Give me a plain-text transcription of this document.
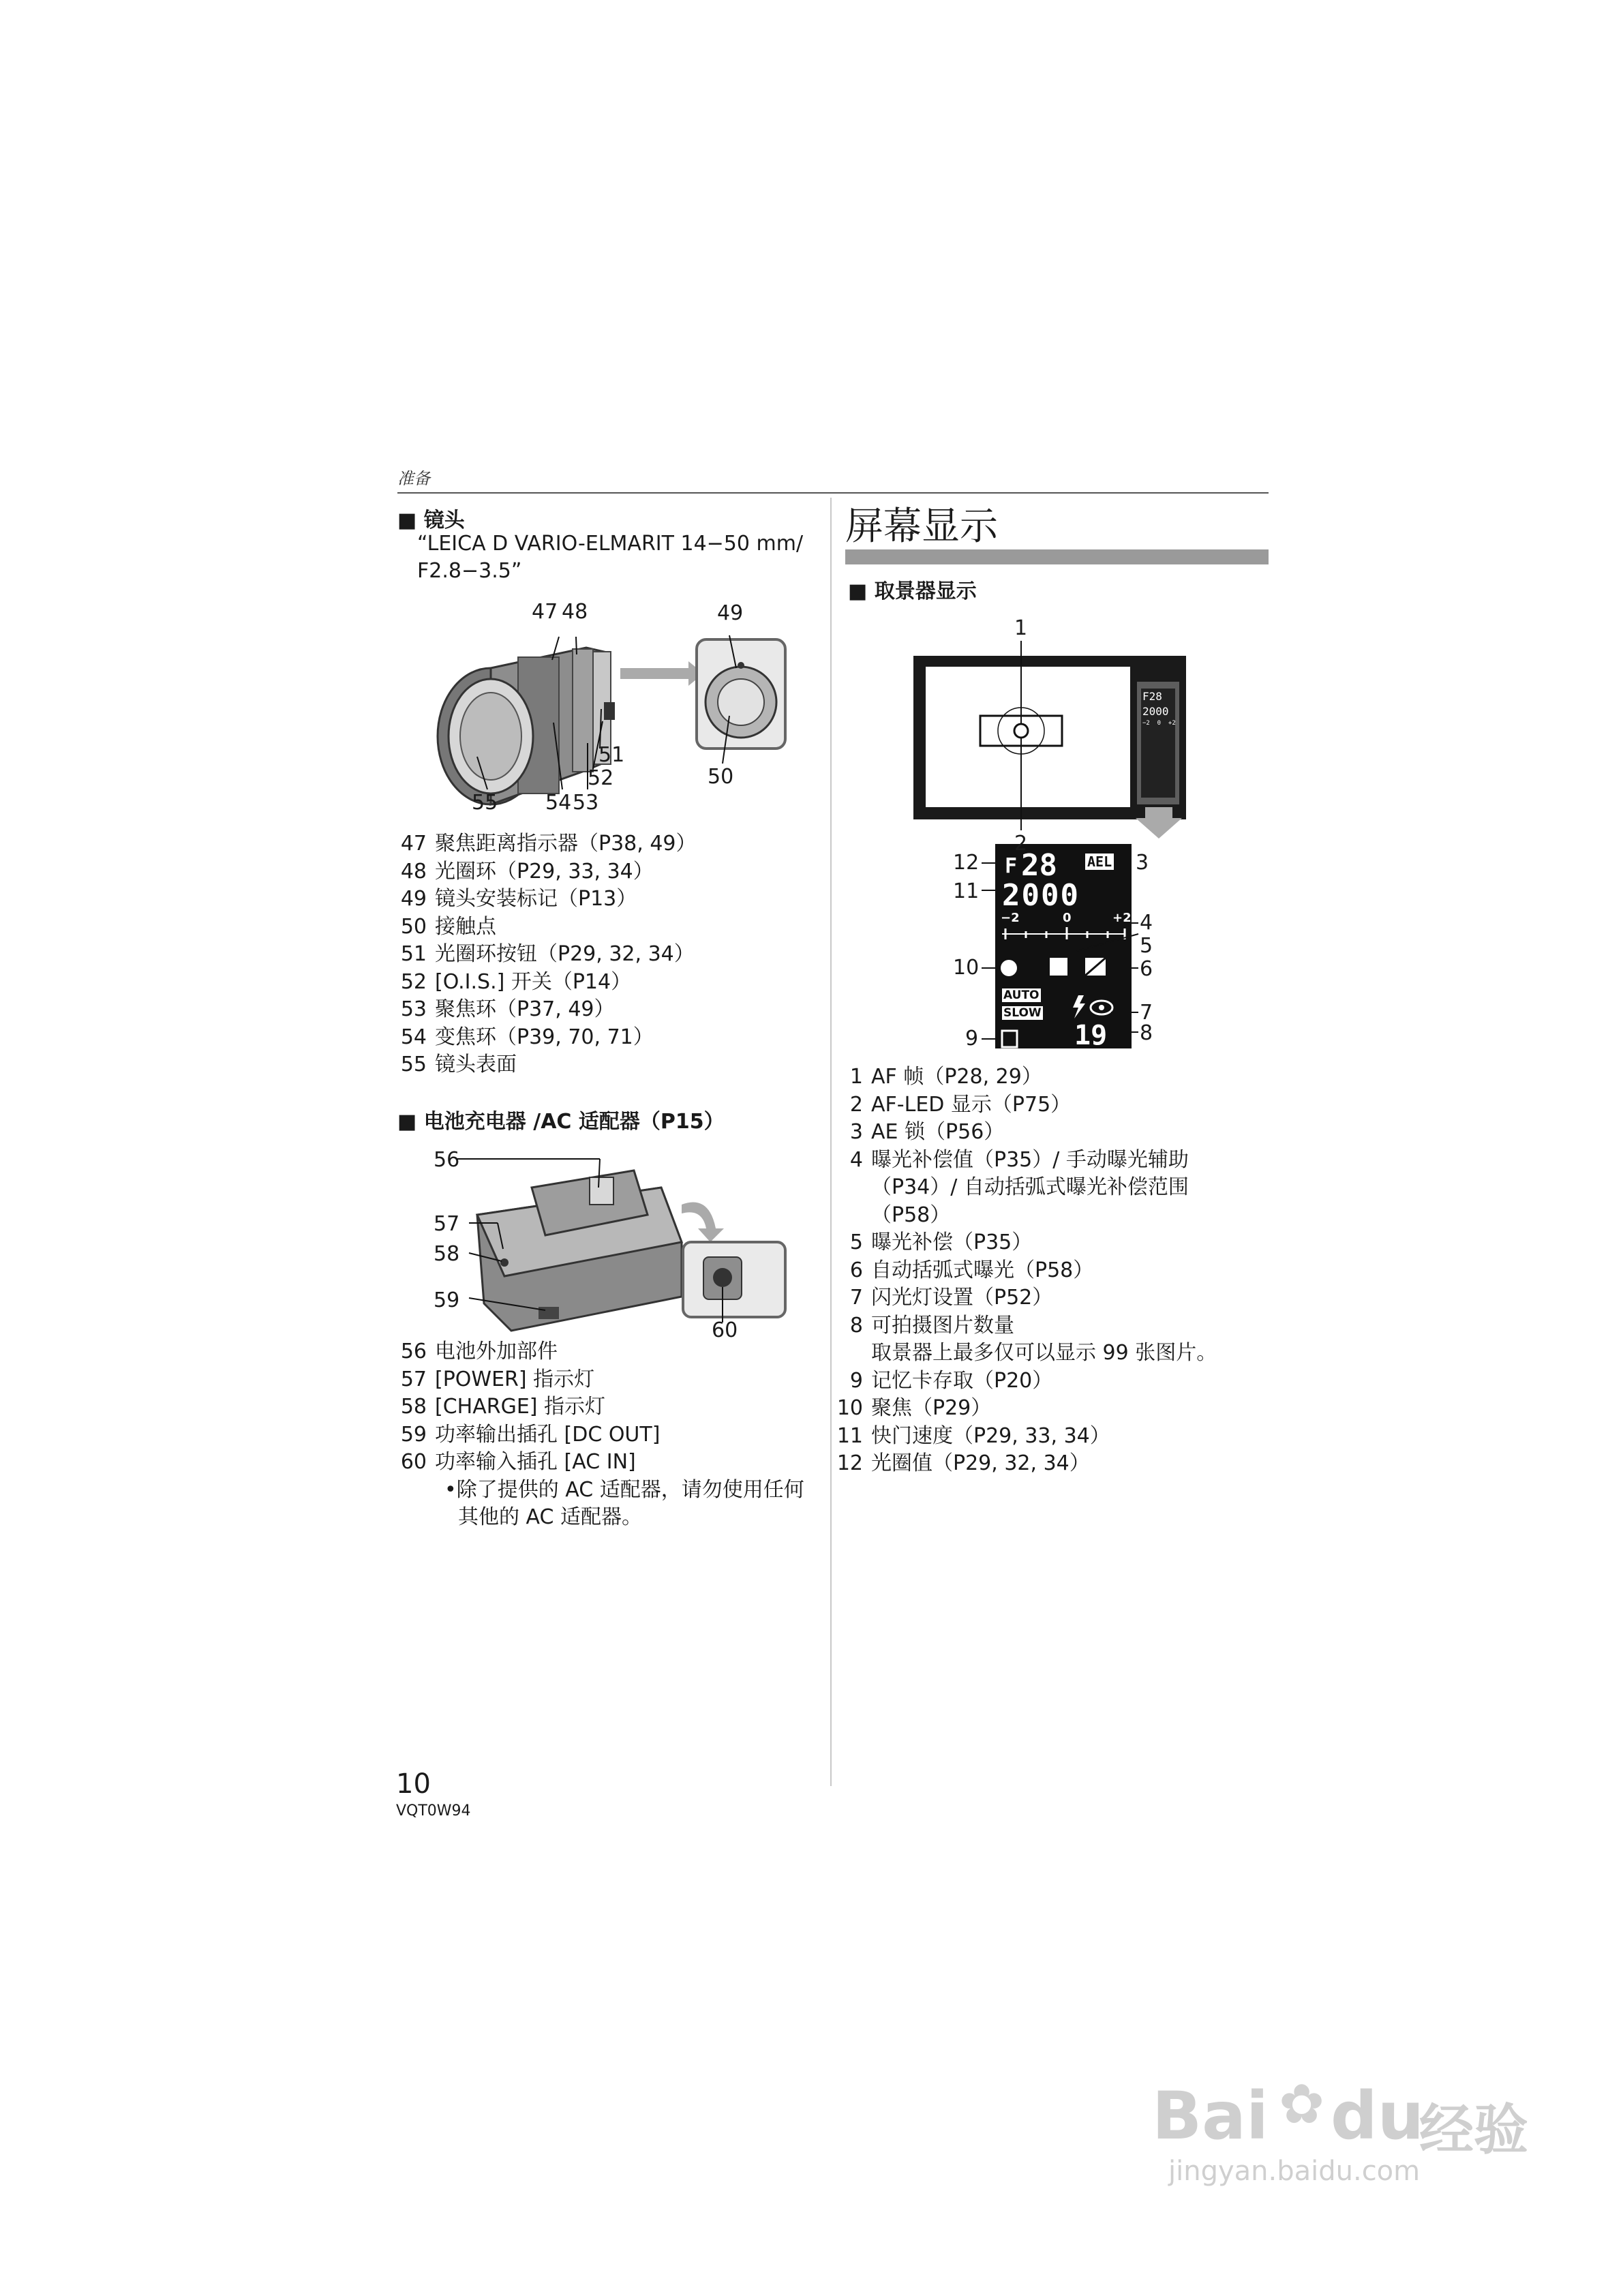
准备
■ 镜头
“LEICA D VARIO-ELMARIT 14−50 mm/
F2.8−3.5”
47 48	49
50
51
52
53
54
55
47 聚焦距离指示器（P38, 49）
48 光圈环（P29, 33, 34）
49 镜头安装标记（P13）
50 接触点
51 光圈环按钮（P29, 32, 34）
52 [O.I.S.] 开关（P14）
53 聚焦环（P37, 49）
54 变焦环（P39, 70, 71）
55 镜头表面
■ 电池充电器 /AC 适配器（P15）
56
57
58
59
60
56 电池外加部件
57 [POWER] 指示灯
58 [CHARGE] 指示灯
59 功率输出插孔 [DC OUT]
60 功率输入插孔 [AC IN]
•除了提供的 AC 适配器，请勿使用任何
其他的 AC 适配器。
屏幕显示
■ 取景器显示
F
F28
2000
−2  0  +2
28 AEL
2000
−2	0	+2
AUTO
SLOW
19
1
2
3
4
5
6
7
8
9
10
11
12
1 AF 帧（P28, 29）
2 AF-LED 显示（P75）
3 AE 锁（P56）
4 曝光补偿值（P35）/ 手动曝光辅助
（P34）/ 自动括弧式曝光补偿范围
（P58）
5 曝光补偿（P35）
6 自动括弧式曝光（P58）
7 闪光灯设置（P52）
8 可拍摄图片数量
取景器上最多仅可以显示 99 张图片。
9 记忆卡存取（P20）
10 聚焦（P29）
11 快门速度（P29, 33, 34）
12 光圈值（P29, 32, 34）
10
VQT0W94
Bai ✿ du
经验
jingyan.baidu.com
